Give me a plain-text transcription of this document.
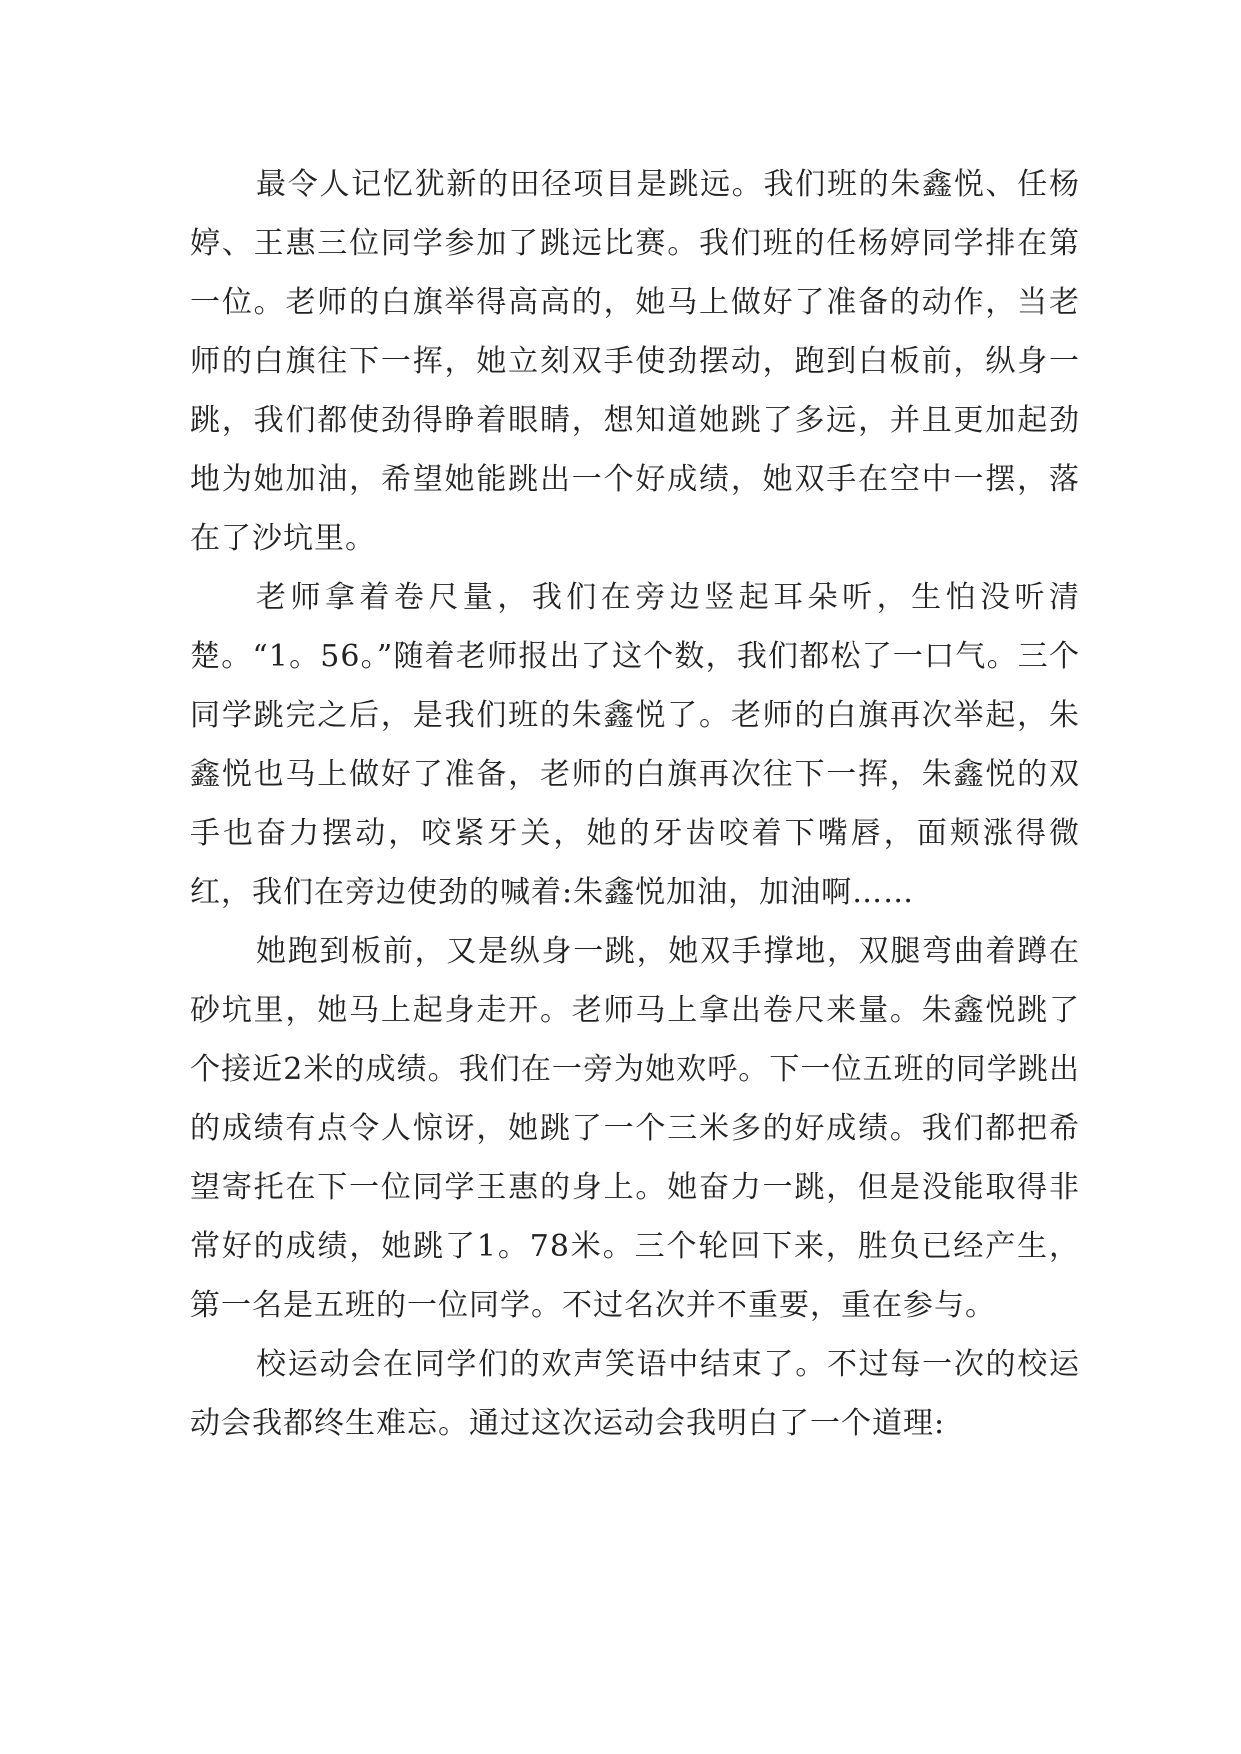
最令人记忆犹新的田径项目是跳远。我们班的朱鑫悦、任杨婷、王惠三位同学参加了跳远比赛。我们班的任杨婷同学排在第一位。老师的白旗举得高高的，她马上做好了准备的动作，当老师的白旗往下一挥，她立刻双手使劲摆动，跑到白板前，纵身一跳，我们都使劲得睁着眼睛，想知道她跳了多远，并且更加起劲地为她加油，希望她能跳出一个好成绩，她双手在空中一摆，落在了沙坑里。

老师拿着卷尺量，我们在旁边竖起耳朵听，生怕没听清楚。“1。56。”随着老师报出了这个数，我们都松了一口气。三个同学跳完之后，是我们班的朱鑫悦了。老师的白旗再次举起，朱鑫悦也马上做好了准备，老师的白旗再次往下一挥，朱鑫悦的双手也奋力摆动，咬紧牙关，她的牙齿咬着下嘴唇，面颊涨得微红，我们在旁边使劲的喊着:朱鑫悦加油，加油啊……

她跑到板前，又是纵身一跳，她双手撑地，双腿弯曲着蹲在砂坑里，她马上起身走开。老师马上拿出卷尺来量。朱鑫悦跳了个接近2米的成绩。我们在一旁为她欢呼。下一位五班的同学跳出的成绩有点令人惊讶，她跳了一个三米多的好成绩。我们都把希望寄托在下一位同学王惠的身上。她奋力一跳，但是没能取得非常好的成绩，她跳了1。78米。三个轮回下来，胜负已经产生，第一名是五班的一位同学。不过名次并不重要，重在参与。

校运动会在同学们的欢声笑语中结束了。不过每一次的校运动会我都终生难忘。通过这次运动会我明白了一个道理:
